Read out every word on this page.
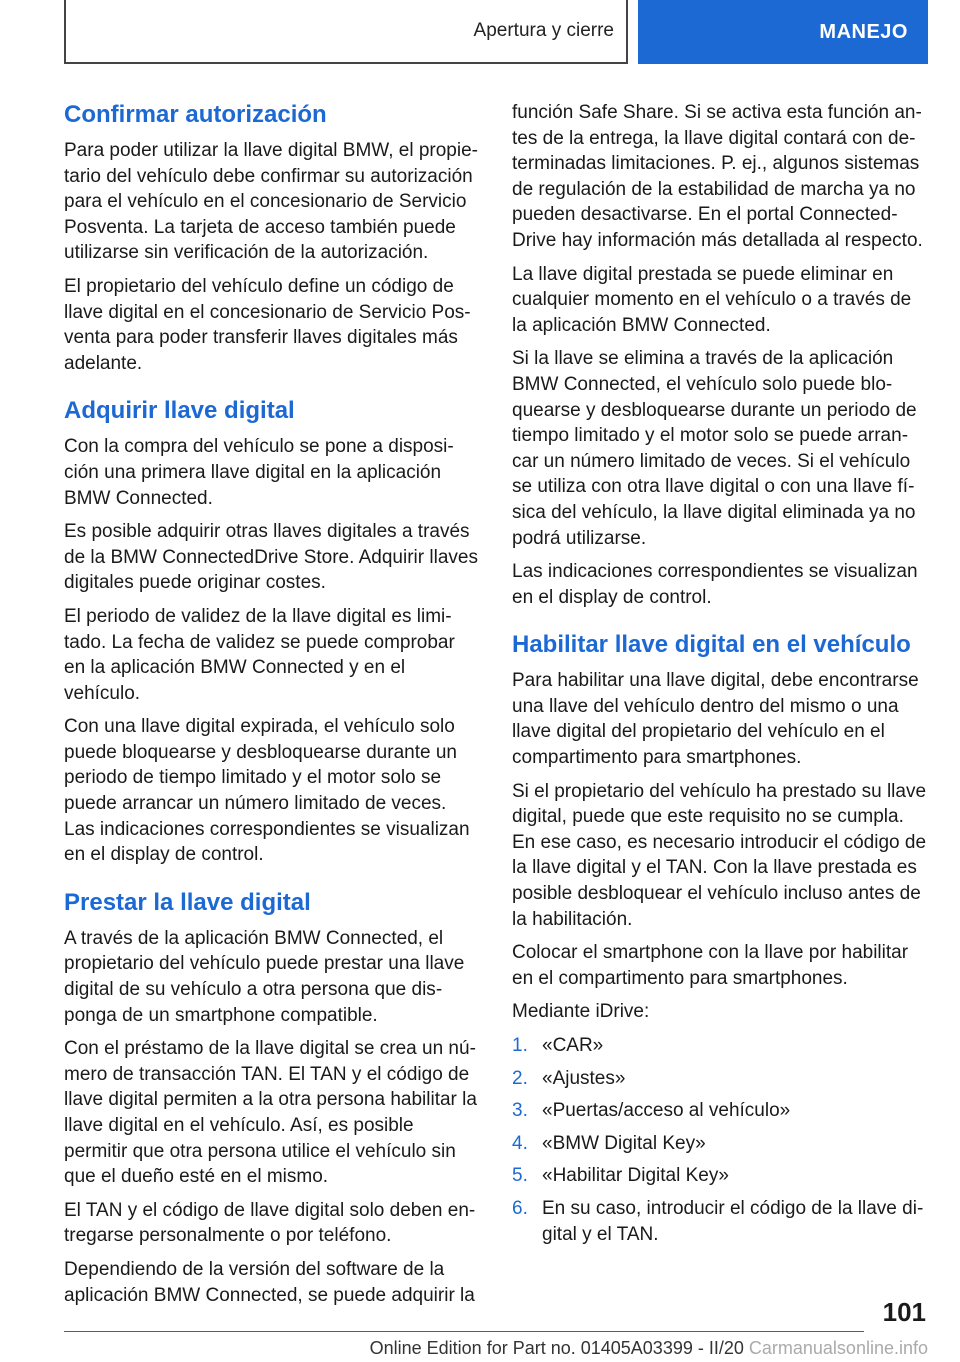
Apertura y cierre	MANEJO
Confirmar autorización

Para poder utilizar la llave digital BMW, el propietario del vehículo debe confirmar su autorización para el vehículo en el concesionario de Servicio Posventa. La tarjeta de acceso también puede utilizarse sin verificación de la autorización.

El propietario del vehículo define un código de llave digital en el concesionario de Servicio Posventa para poder transferir llaves digitales más adelante.

Adquirir llave digital

Con la compra del vehículo se pone a disposición una primera llave digital en la aplicación BMW Connected.

Es posible adquirir otras llaves digitales a través de la BMW ConnectedDrive Store. Adquirir llaves digitales puede originar costes.

El periodo de validez de la llave digital es limitado. La fecha de validez se puede comprobar en la aplicación BMW Connected y en el vehículo.

Con una llave digital expirada, el vehículo solo puede bloquearse y desbloquearse durante un periodo de tiempo limitado y el motor solo se puede arrancar un número limitado de veces. Las indicaciones correspondientes se visualizan en el display de control.

Prestar la llave digital

A través de la aplicación BMW Connected, el propietario del vehículo puede prestar una llave digital de su vehículo a otra persona que disponga de un smartphone compatible.

Con el préstamo de la llave digital se crea un número de transacción TAN. El TAN y el código de llave digital permiten a la otra persona habilitar la llave digital en el vehículo. Así, es posible permitir que otra persona utilice el vehículo sin que el dueño esté en el mismo.

El TAN y el código de llave digital solo deben entregarse personalmente o por teléfono.

Dependiendo de la versión del software de la aplicación BMW Connected, se puede adquirir la

función Safe Share. Si se activa esta función antes de la entrega, la llave digital contará con determinadas limitaciones. P. ej., algunos sistemas de regulación de la estabilidad de marcha ya no pueden desactivarse. En el portal ConnectedDrive hay información más detallada al respecto.

La llave digital prestada se puede eliminar en cualquier momento en el vehículo o a través de la aplicación BMW Connected.

Si la llave se elimina a través de la aplicación BMW Connected, el vehículo solo puede bloquearse y desbloquearse durante un periodo de tiempo limitado y el motor solo se puede arrancar un número limitado de veces. Si el vehículo se utiliza con otra llave digital o con una llave física del vehículo, la llave digital eliminada ya no podrá utilizarse.

Las indicaciones correspondientes se visualizan en el display de control.

Habilitar llave digital en el vehículo

Para habilitar una llave digital, debe encontrarse una llave del vehículo dentro del mismo o una llave digital del propietario del vehículo en el compartimento para smartphones.

Si el propietario del vehículo ha prestado su llave digital, puede que este requisito no se cumpla. En ese caso, es necesario introducir el código de la llave digital y el TAN. Con la llave prestada es posible desbloquear el vehículo incluso antes de la habilitación.

Colocar el smartphone con la llave por habilitar en el compartimento para smartphones.

Mediante iDrive:

1. «CAR»
2. «Ajustes»
3. «Puertas/acceso al vehículo»
4. «BMW Digital Key»
5. «Habilitar Digital Key»
6. En su caso, introducir el código de la llave digital y el TAN.
101
Online Edition for Part no. 01405A03399 - II/20 Carmanualsonline.info
